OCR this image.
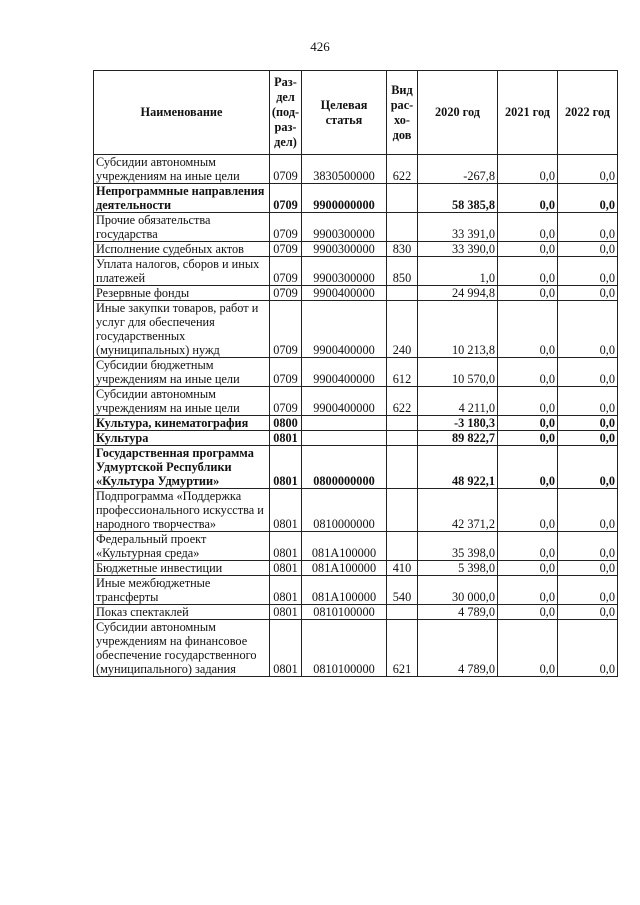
426
Наименование	Раз-дел (под-раз-дел)	Целевая статья	Вид рас-хо-дов	2020 год	2021 год	2022 год
Субсидии автономным учреждениям на иные цели	0709	3830500000	622	-267,8	0,0	0,0
Непрограммные направления деятельности	0709	9900000000		58 385,8	0,0	0,0
Прочие обязательства государства	0709	9900300000		33 391,0	0,0	0,0
Исполнение судебных актов	0709	9900300000	830	33 390,0	0,0	0,0
Уплата налогов, сборов и иных платежей	0709	9900300000	850	1,0	0,0	0,0
Резервные фонды	0709	9900400000		24 994,8	0,0	0,0
Иные закупки товаров, работ и услуг для обеспечения государственных (муниципальных) нужд	0709	9900400000	240	10 213,8	0,0	0,0
Субсидии бюджетным учреждениям на иные цели	0709	9900400000	612	10 570,0	0,0	0,0
Субсидии автономным учреждениям на иные цели	0709	9900400000	622	4 211,0	0,0	0,0
Культура, кинематография	0800			-3 180,3	0,0	0,0
Культура	0801			89 822,7	0,0	0,0
Государственная программа Удмуртской Республики «Культура Удмуртии»	0801	0800000000		48 922,1	0,0	0,0
Подпрограмма «Поддержка профессионального искусства и народного творчества»	0801	0810000000		42 371,2	0,0	0,0
Федеральный проект «Культурная среда»	0801	081A100000		35 398,0	0,0	0,0
Бюджетные инвестиции	0801	081A100000	410	5 398,0	0,0	0,0
Иные межбюджетные трансферты	0801	081A100000	540	30 000,0	0,0	0,0
Показ спектаклей	0801	0810100000		4 789,0	0,0	0,0
Субсидии автономным учреждениям на финансовое обеспечение государственного (муниципального) задания	0801	0810100000	621	4 789,0	0,0	0,0
